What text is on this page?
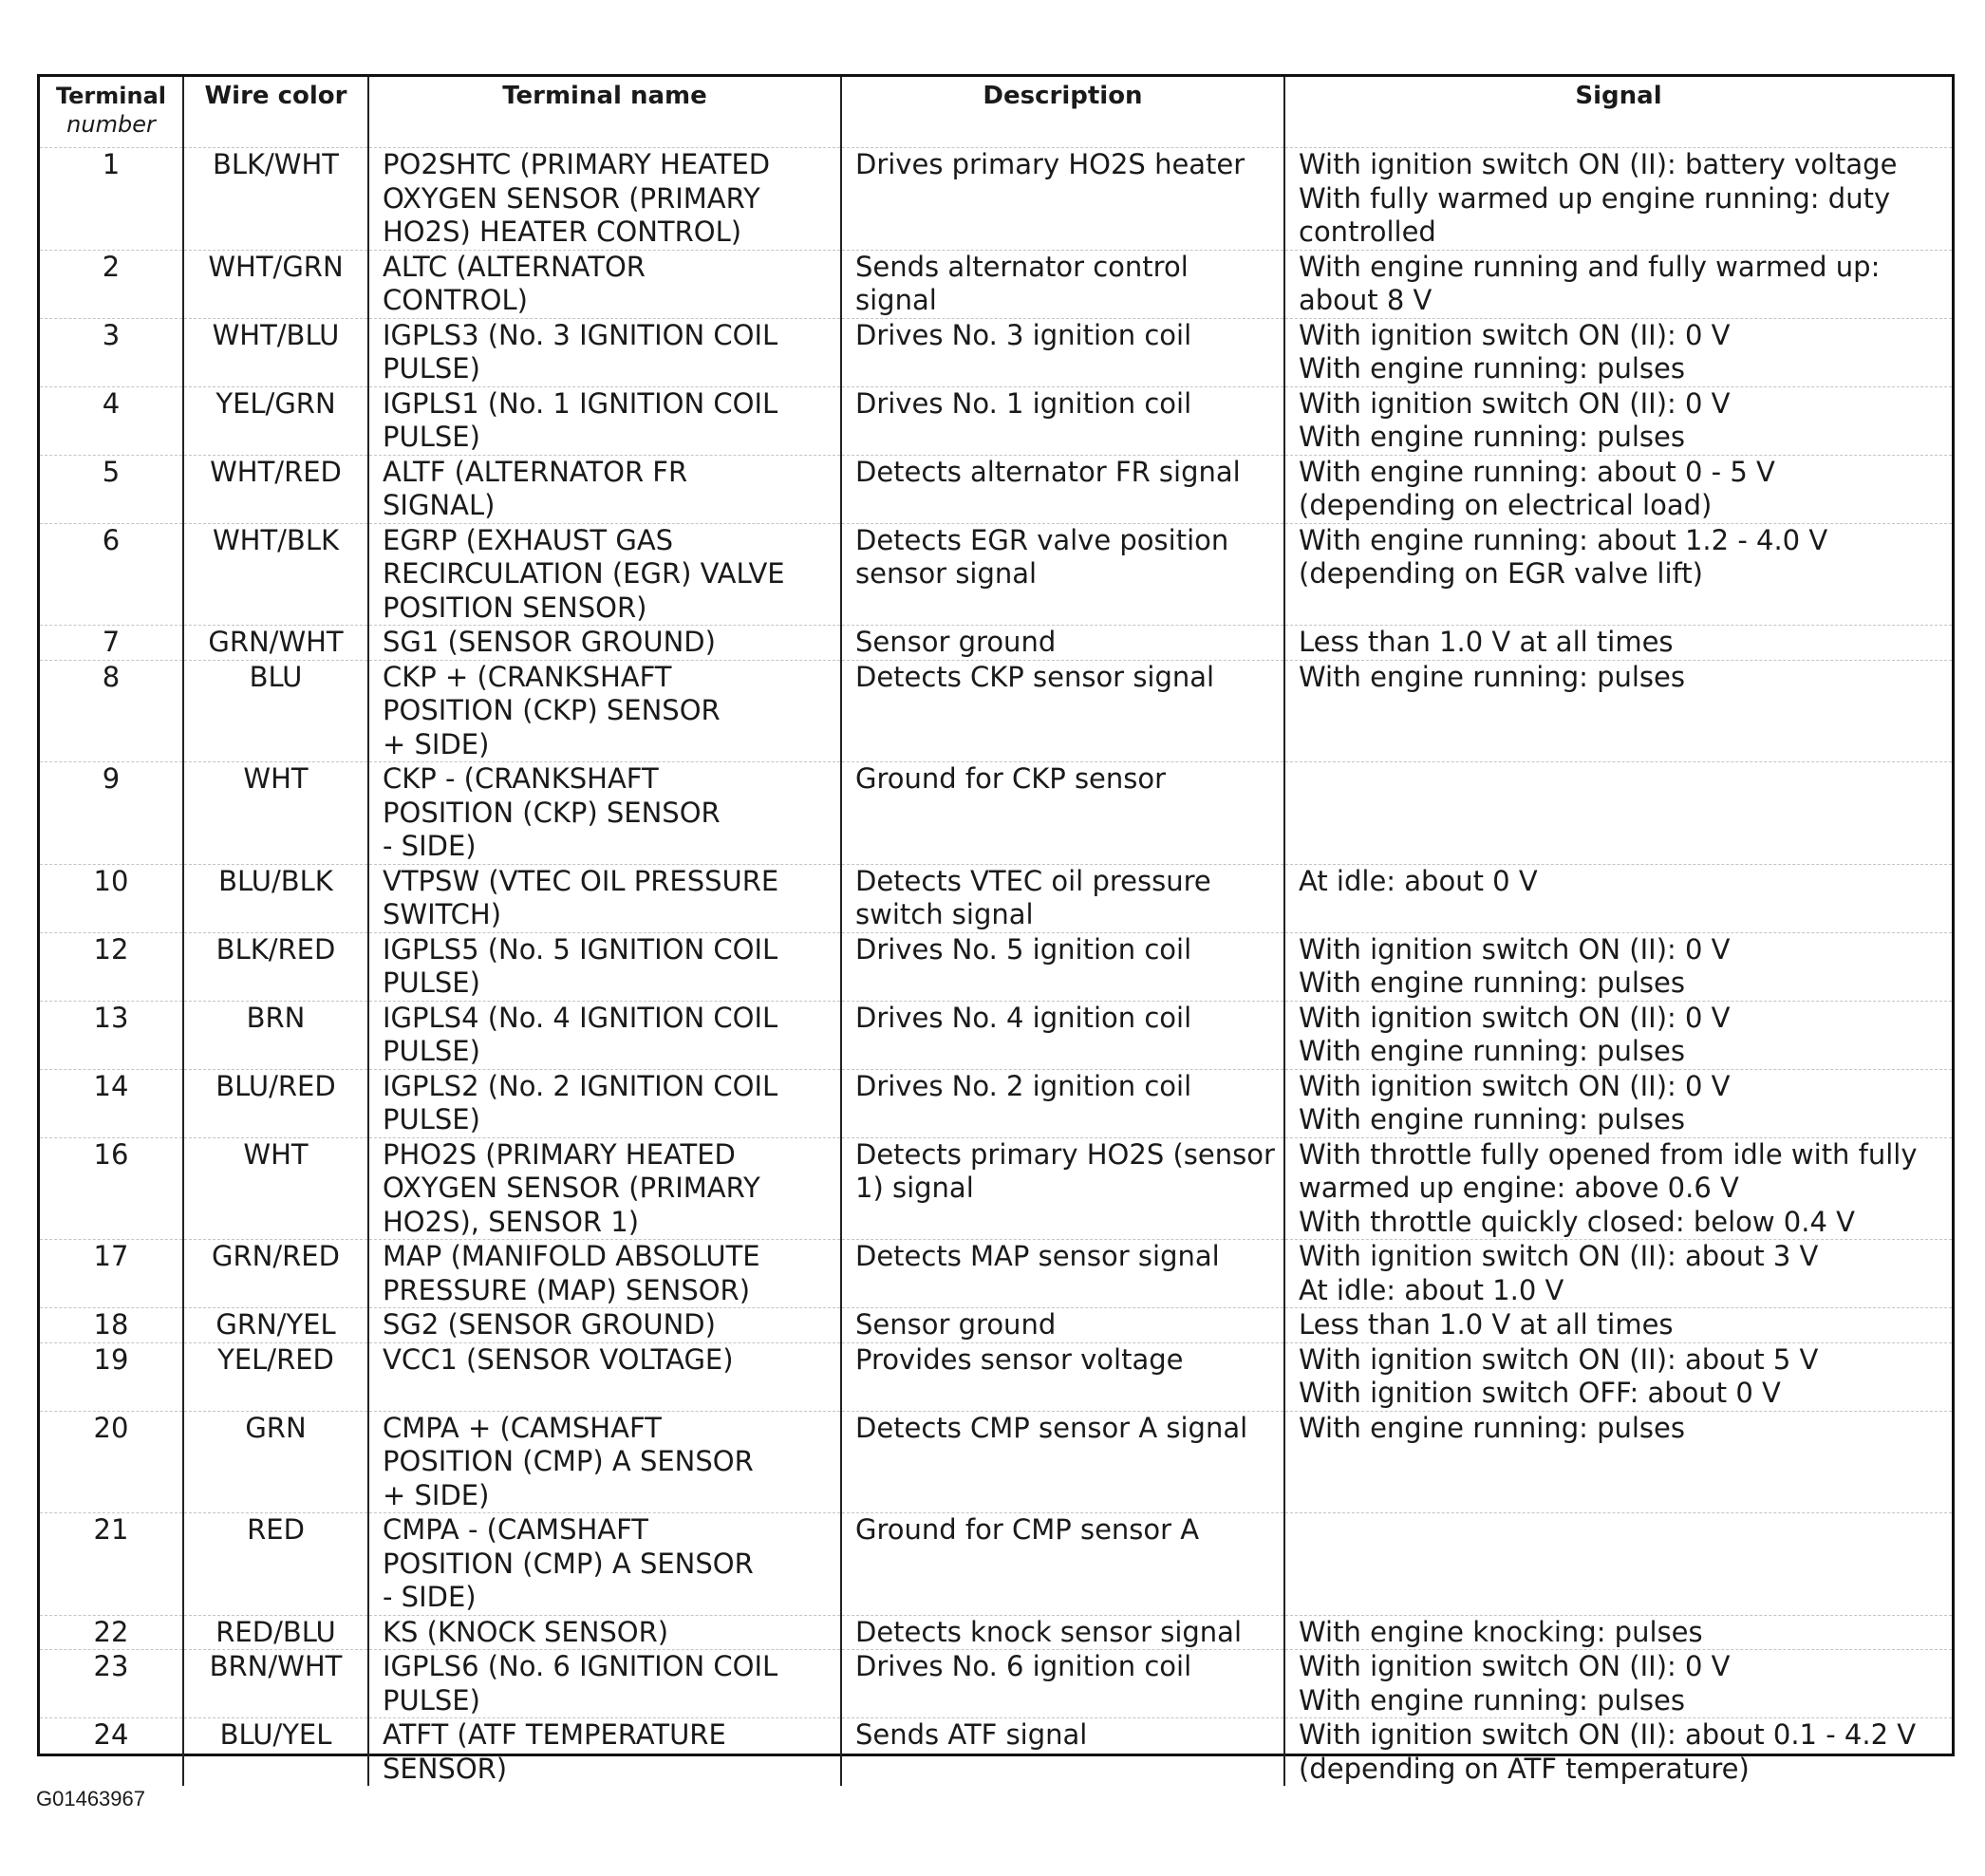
Terminal
number	Wire color	Terminal name	Description	Signal
1	BLK/WHT	PO2SHTC (PRIMARY HEATED
OXYGEN SENSOR (PRIMARY
HO2S) HEATER CONTROL)	Drives primary HO2S heater	With ignition switch ON (II): battery voltage
With fully warmed up engine running: duty
controlled

2	WHT/GRN	ALTC (ALTERNATOR
CONTROL)	Sends alternator control
signal	With engine running and fully warmed up:
about 8 V

3	WHT/BLU	IGPLS3 (No. 3 IGNITION COIL
PULSE)	Drives No. 3 ignition coil	With ignition switch ON (II): 0 V
With engine running: pulses

4	YEL/GRN	IGPLS1 (No. 1 IGNITION COIL
PULSE)	Drives No. 1 ignition coil	With ignition switch ON (II): 0 V
With engine running: pulses

5	WHT/RED	ALTF (ALTERNATOR FR
SIGNAL)	Detects alternator FR signal	With engine running: about 0 - 5 V
(depending on electrical load)

6	WHT/BLK	EGRP (EXHAUST GAS
RECIRCULATION (EGR) VALVE
POSITION SENSOR)	Detects EGR valve position
sensor signal	With engine running: about 1.2 - 4.0 V
(depending on EGR valve lift)

7	GRN/WHT	SG1 (SENSOR GROUND)	Sensor ground	Less than 1.0 V at all times

8	BLU	CKP + (CRANKSHAFT
POSITION (CKP) SENSOR
+ SIDE)	Detects CKP sensor signal	With engine running: pulses

9	WHT	CKP - (CRANKSHAFT
POSITION (CKP) SENSOR
- SIDE)	Ground for CKP sensor	

10	BLU/BLK	VTPSW (VTEC OIL PRESSURE
SWITCH)	Detects VTEC oil pressure
switch signal	At idle: about 0 V

12	BLK/RED	IGPLS5 (No. 5 IGNITION COIL
PULSE)	Drives No. 5 ignition coil	With ignition switch ON (II): 0 V
With engine running: pulses

13	BRN	IGPLS4 (No. 4 IGNITION COIL
PULSE)	Drives No. 4 ignition coil	With ignition switch ON (II): 0 V
With engine running: pulses

14	BLU/RED	IGPLS2 (No. 2 IGNITION COIL
PULSE)	Drives No. 2 ignition coil	With ignition switch ON (II): 0 V
With engine running: pulses

16	WHT	PHO2S (PRIMARY HEATED
OXYGEN SENSOR (PRIMARY
HO2S), SENSOR 1)	Detects primary HO2S (sensor
1) signal	With throttle fully opened from idle with fully
warmed up engine: above 0.6 V
With throttle quickly closed: below 0.4 V

17	GRN/RED	MAP (MANIFOLD ABSOLUTE
PRESSURE (MAP) SENSOR)	Detects MAP sensor signal	With ignition switch ON (II): about 3 V
At idle: about 1.0 V

18	GRN/YEL	SG2 (SENSOR GROUND)	Sensor ground	Less than 1.0 V at all times

19	YEL/RED	VCC1 (SENSOR VOLTAGE)	Provides sensor voltage	With ignition switch ON (II): about 5 V
With ignition switch OFF: about 0 V

20	GRN	CMPA + (CAMSHAFT
POSITION (CMP) A SENSOR
+ SIDE)	Detects CMP sensor A signal	With engine running: pulses

21	RED	CMPA - (CAMSHAFT
POSITION (CMP) A SENSOR
- SIDE)	Ground for CMP sensor A	

22	RED/BLU	KS (KNOCK SENSOR)	Detects knock sensor signal	With engine knocking: pulses

23	BRN/WHT	IGPLS6 (No. 6 IGNITION COIL
PULSE)	Drives No. 6 ignition coil	With ignition switch ON (II): 0 V
With engine running: pulses

24	BLU/YEL	ATFT (ATF TEMPERATURE
SENSOR)	Sends ATF signal	With ignition switch ON (II): about 0.1 - 4.2 V
(depending on ATF temperature)
G01463967
